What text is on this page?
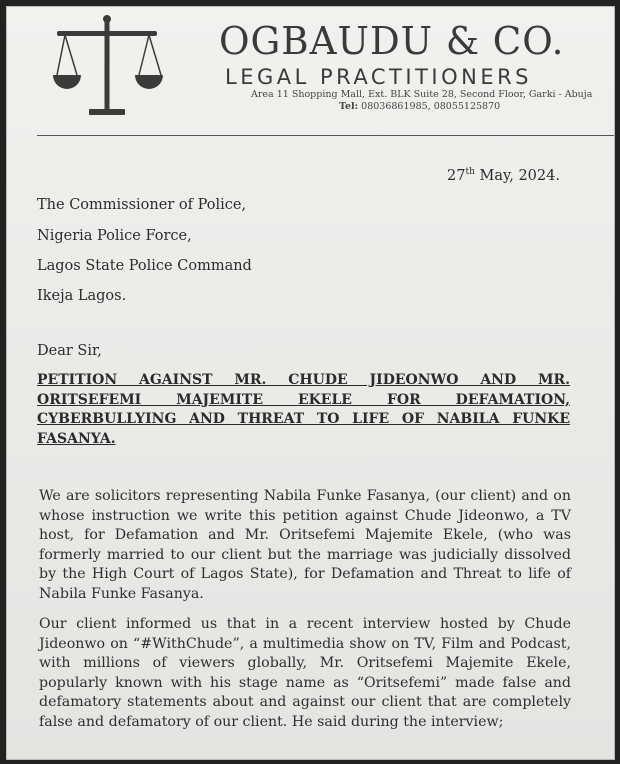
OGBAUDU & CO.
LEGAL PRACTITIONERS
Area 11 Shopping Mall, Ext. BLK Suite 28, Second Floor, Garki - Abuja
Tel: 08036861985, 08055125870
27th May, 2024.
The Commissioner of Police,
Nigeria Police Force,
Lagos State Police Command
Ikeja Lagos.
Dear Sir,
PETITION AGAINST MR. CHUDE JIDEONWO AND MR. ORITSEFEMI MAJEMITE EKELE FOR DEFAMATION, CYBERBULLYING AND THREAT TO LIFE OF NABILA FUNKE FASANYA.
We are solicitors representing Nabila Funke Fasanya, (our client) and on whose instruction we write this petition against Chude Jideonwo, a TV host, for Defamation and Mr. Oritsefemi Majemite Ekele, (who was formerly married to our client but the marriage was judicially dissolved by the High Court of Lagos State), for Defamation and Threat to life of Nabila Funke Fasanya.
Our client informed us that in a recent interview hosted by Chude Jideonwo on “#WithChude”, a multimedia show on TV, Film and Podcast, with millions of viewers globally, Mr. Oritsefemi Majemite Ekele, popularly known with his stage name as “Oritsefemi” made false and defamatory statements about and against our client that are completely false and defamatory of our client. He said during the interview;
